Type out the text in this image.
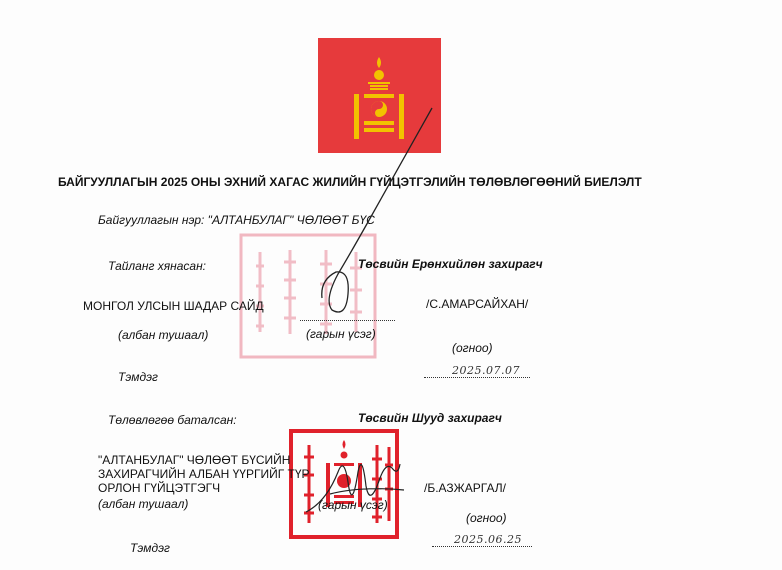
БАЙГУУЛЛАГЫН 2025 ОНЫ ЭХНИЙ ХАГАС ЖИЛИЙН ГҮЙЦЭТГЭЛИЙН ТӨЛӨВЛӨГӨӨНИЙ БИЕЛЭЛТ
Байгууллагын нэр: "АЛТАНБУЛАГ" ЧӨЛӨӨТ БҮС
Тайланг хянасан:	Төсвийн Ерөнхийлөн захирагч
МОНГОЛ УЛСЫН ШАДАР САЙД	/С.АМАРСАЙХАН/
(албан тушаал)	(гарын үсэг)
(огноо)
Тэмдэг	2025.07.07
Төлөвлөгөө баталсан:	Төсвийн Шууд захирагч
"АЛТАНБУЛАГ" ЧӨЛӨӨТ БҮСИЙН
ЗАХИРАГЧИЙН АЛБАН ҮҮРГИЙГ ТҮР
ОРЛОН ГҮЙЦЭТГЭГЧ
(албан тушаал)	(гарын үсэг)
/Б.АЗЖАРГАЛ/
(огноо)
Тэмдэг
2025.06.25
